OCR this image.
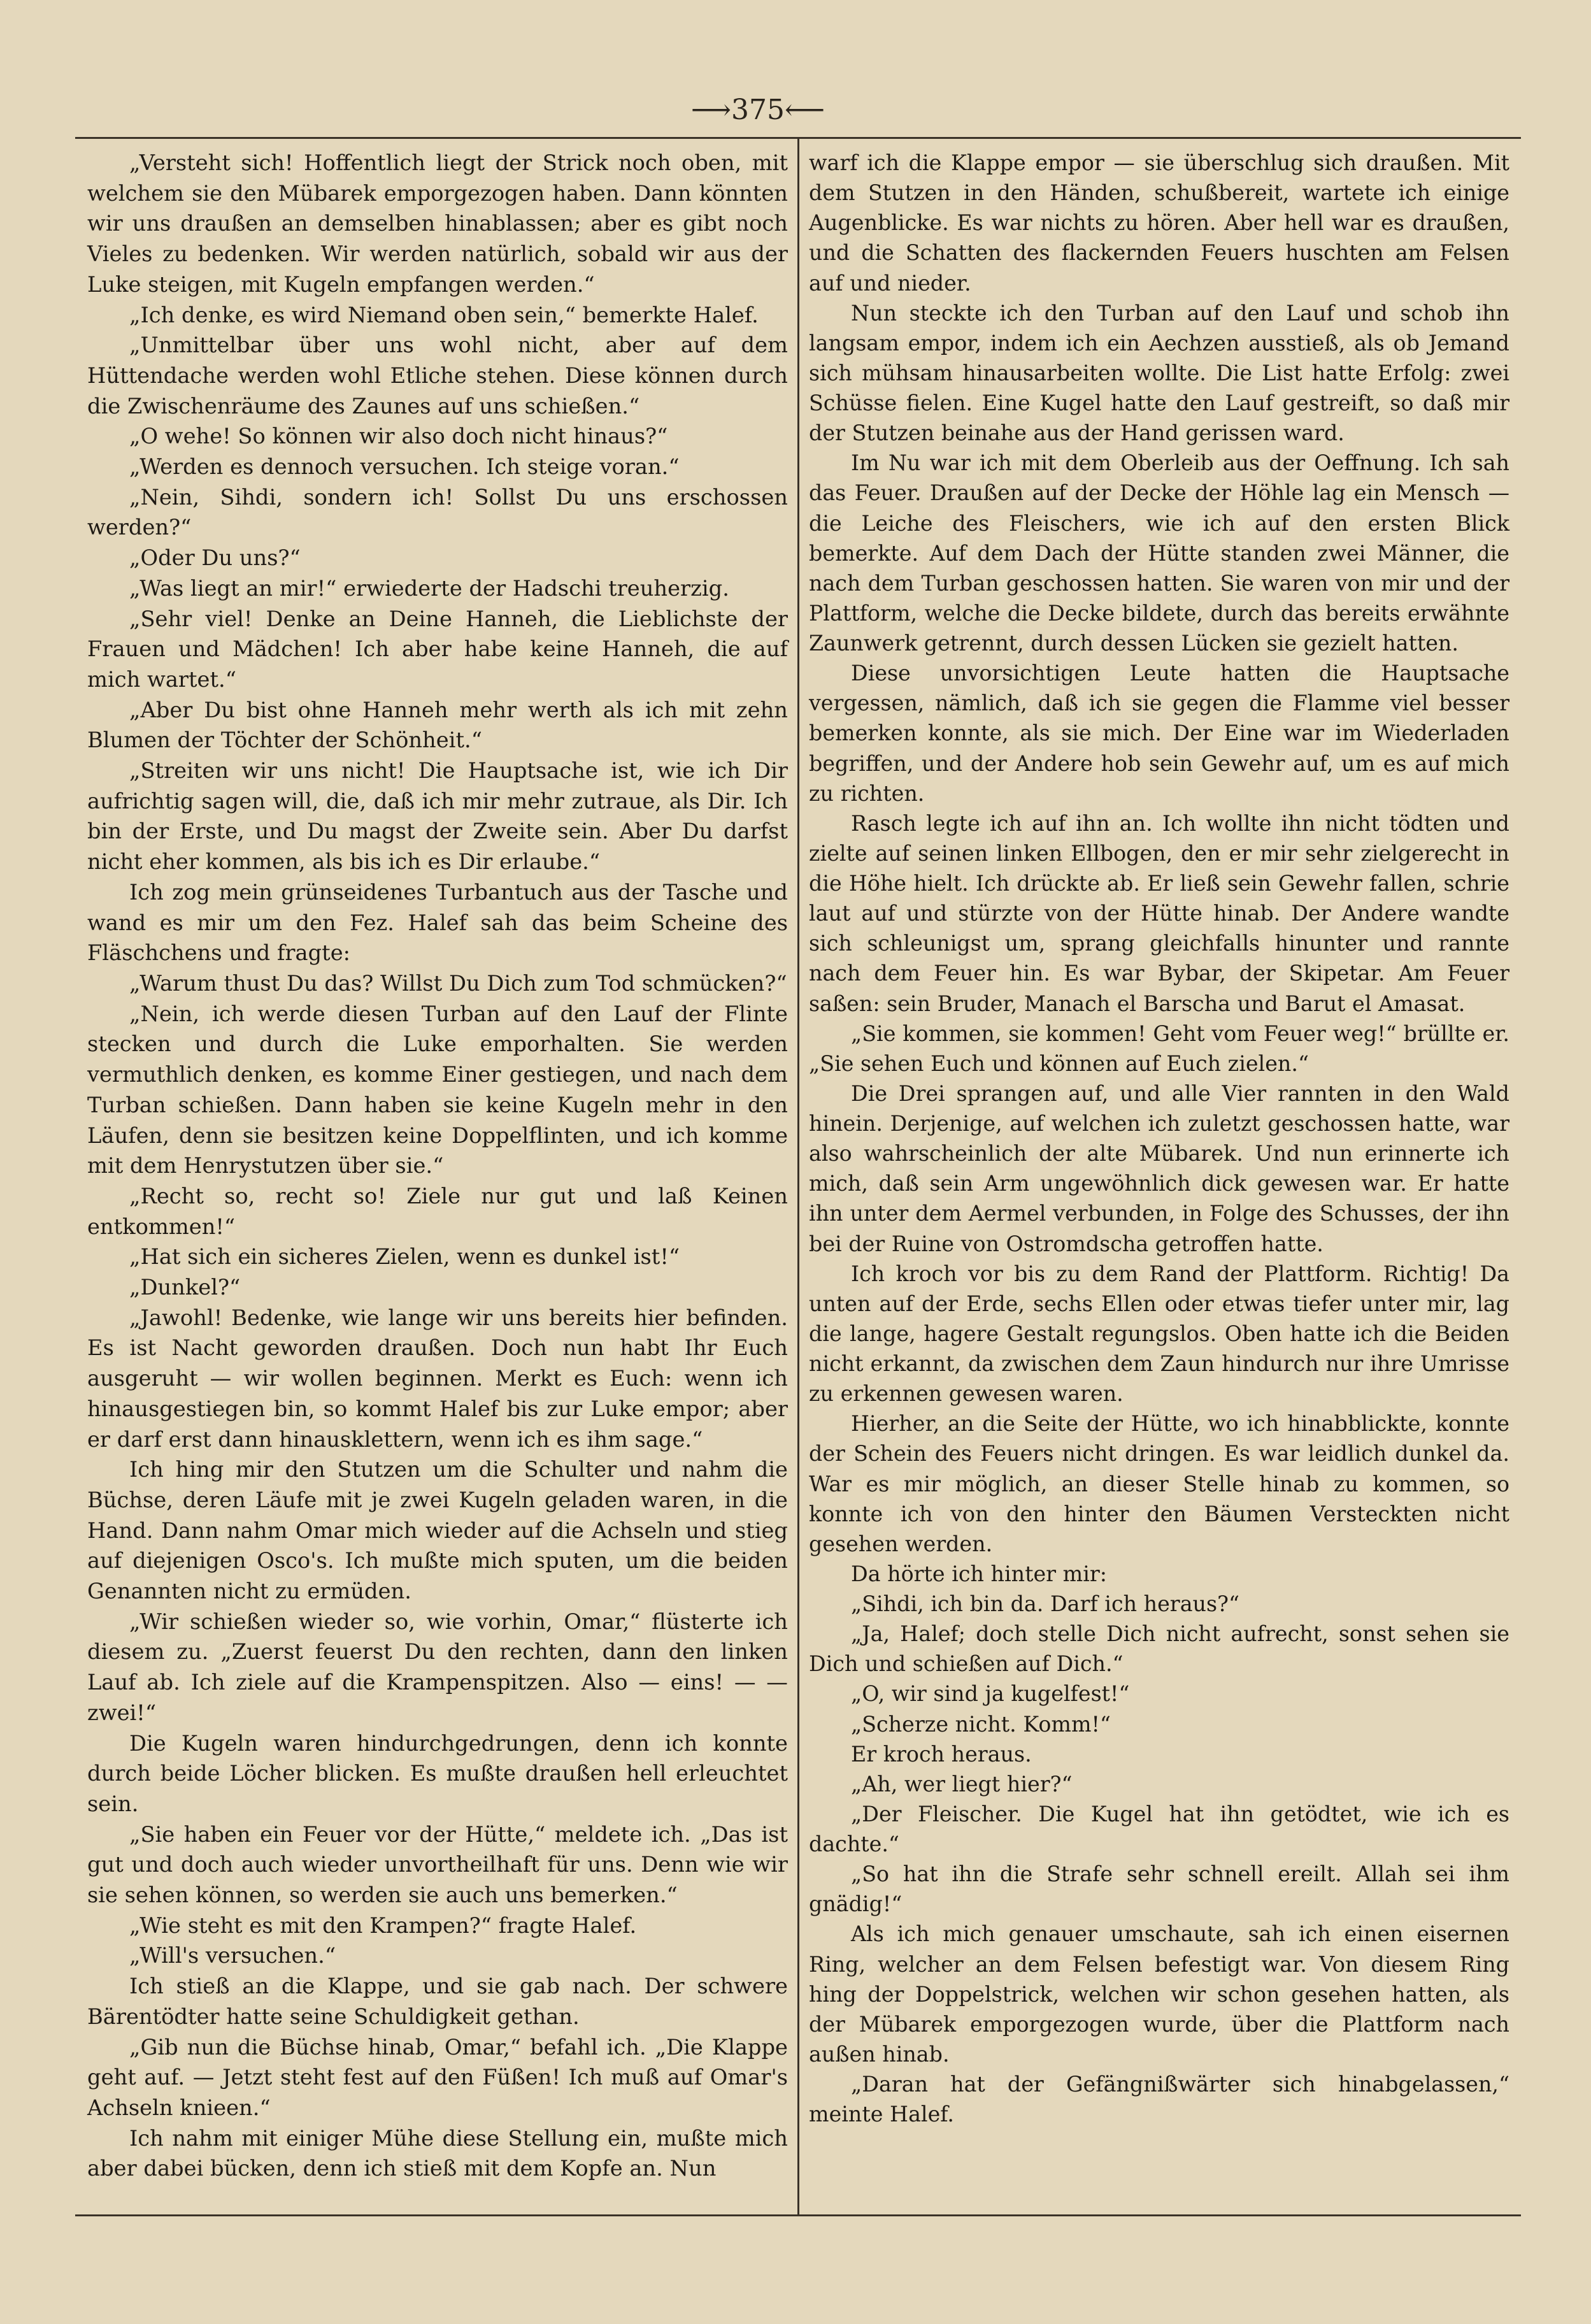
⟶375⟵

„Versteht sich! Hoffentlich liegt der Strick noch oben, mit welchem sie den Mübarek emporgezogen haben. Dann könnten wir uns draußen an demselben hinablassen; aber es gibt noch Vieles zu bedenken. Wir werden natürlich, sobald wir aus der Luke steigen, mit Kugeln empfangen werden.“

„Ich denke, es wird Niemand oben sein,“ bemerkte Halef.

„Unmittelbar über uns wohl nicht, aber auf dem Hüttendache werden wohl Etliche stehen. Diese können durch die Zwischenräume des Zaunes auf uns schießen.“

„O wehe! So können wir also doch nicht hinaus?“

„Werden es dennoch versuchen. Ich steige voran.“

„Nein, Sihdi, sondern ich! Sollst Du uns erschossen werden?“

„Oder Du uns?“

„Was liegt an mir!“ erwiederte der Hadschi treuherzig.

„Sehr viel! Denke an Deine Hanneh, die Lieblichste der Frauen und Mädchen! Ich aber habe keine Hanneh, die auf mich wartet.“

„Aber Du bist ohne Hanneh mehr werth als ich mit zehn Blumen der Töchter der Schönheit.“

„Streiten wir uns nicht! Die Hauptsache ist, wie ich Dir aufrichtig sagen will, die, daß ich mir mehr zutraue, als Dir. Ich bin der Erste, und Du magst der Zweite sein. Aber Du darfst nicht eher kommen, als bis ich es Dir erlaube.“

Ich zog mein grünseidenes Turbantuch aus der Tasche und wand es mir um den Fez. Halef sah das beim Scheine des Fläschchens und fragte:

„Warum thust Du das? Willst Du Dich zum Tod schmücken?“

„Nein, ich werde diesen Turban auf den Lauf der Flinte stecken und durch die Luke emporhalten. Sie werden vermuthlich denken, es komme Einer gestiegen, und nach dem Turban schießen. Dann haben sie keine Kugeln mehr in den Läufen, denn sie besitzen keine Doppelflinten, und ich komme mit dem Henrystutzen über sie.“

„Recht so, recht so! Ziele nur gut und laß Keinen entkommen!“

„Hat sich ein sicheres Zielen, wenn es dunkel ist!“

„Dunkel?“

„Jawohl! Bedenke, wie lange wir uns bereits hier befinden. Es ist Nacht geworden draußen. Doch nun habt Ihr Euch ausgeruht — wir wollen beginnen. Merkt es Euch: wenn ich hinausgestiegen bin, so kommt Halef bis zur Luke empor; aber er darf erst dann hinausklettern, wenn ich es ihm sage.“

Ich hing mir den Stutzen um die Schulter und nahm die Büchse, deren Läufe mit je zwei Kugeln geladen waren, in die Hand. Dann nahm Omar mich wieder auf die Achseln und stieg auf diejenigen Osco's. Ich mußte mich sputen, um die beiden Genannten nicht zu ermüden.

„Wir schießen wieder so, wie vorhin, Omar,“ flüsterte ich diesem zu. „Zuerst feuerst Du den rechten, dann den linken Lauf ab. Ich ziele auf die Krampenspitzen. Also — eins! — — zwei!“

Die Kugeln waren hindurchgedrungen, denn ich konnte durch beide Löcher blicken. Es mußte draußen hell erleuchtet sein.

„Sie haben ein Feuer vor der Hütte,“ meldete ich. „Das ist gut und doch auch wieder unvortheilhaft für uns. Denn wie wir sie sehen können, so werden sie auch uns bemerken.“

„Wie steht es mit den Krampen?“ fragte Halef.

„Will's versuchen.“

Ich stieß an die Klappe, und sie gab nach. Der schwere Bärentödter hatte seine Schuldigkeit gethan.

„Gib nun die Büchse hinab, Omar,“ befahl ich. „Die Klappe geht auf. — Jetzt steht fest auf den Füßen! Ich muß auf Omar's Achseln knieen.“

Ich nahm mit einiger Mühe diese Stellung ein, mußte mich aber dabei bücken, denn ich stieß mit dem Kopfe an. Nun

warf ich die Klappe empor — sie überschlug sich draußen. Mit dem Stutzen in den Händen, schußbereit, wartete ich einige Augenblicke. Es war nichts zu hören. Aber hell war es draußen, und die Schatten des flackernden Feuers huschten am Felsen auf und nieder.

Nun steckte ich den Turban auf den Lauf und schob ihn langsam empor, indem ich ein Aechzen ausstieß, als ob Jemand sich mühsam hinausarbeiten wollte. Die List hatte Erfolg: zwei Schüsse fielen. Eine Kugel hatte den Lauf gestreift, so daß mir der Stutzen beinahe aus der Hand gerissen ward.

Im Nu war ich mit dem Oberleib aus der Oeffnung. Ich sah das Feuer. Draußen auf der Decke der Höhle lag ein Mensch — die Leiche des Fleischers, wie ich auf den ersten Blick bemerkte. Auf dem Dach der Hütte standen zwei Männer, die nach dem Turban geschossen hatten. Sie waren von mir und der Plattform, welche die Decke bildete, durch das bereits erwähnte Zaunwerk getrennt, durch dessen Lücken sie gezielt hatten.

Diese unvorsichtigen Leute hatten die Hauptsache vergessen, nämlich, daß ich sie gegen die Flamme viel besser bemerken konnte, als sie mich. Der Eine war im Wiederladen begriffen, und der Andere hob sein Gewehr auf, um es auf mich zu richten.

Rasch legte ich auf ihn an. Ich wollte ihn nicht tödten und zielte auf seinen linken Ellbogen, den er mir sehr zielgerecht in die Höhe hielt. Ich drückte ab. Er ließ sein Gewehr fallen, schrie laut auf und stürzte von der Hütte hinab. Der Andere wandte sich schleunigst um, sprang gleichfalls hinunter und rannte nach dem Feuer hin. Es war Bybar, der Skipetar. Am Feuer saßen: sein Bruder, Manach el Barscha und Barut el Amasat.

„Sie kommen, sie kommen! Geht vom Feuer weg!“ brüllte er. „Sie sehen Euch und können auf Euch zielen.“

Die Drei sprangen auf, und alle Vier rannten in den Wald hinein. Derjenige, auf welchen ich zuletzt geschossen hatte, war also wahrscheinlich der alte Mübarek. Und nun erinnerte ich mich, daß sein Arm ungewöhnlich dick gewesen war. Er hatte ihn unter dem Aermel verbunden, in Folge des Schusses, der ihn bei der Ruine von Ostromdscha getroffen hatte.

Ich kroch vor bis zu dem Rand der Plattform. Richtig! Da unten auf der Erde, sechs Ellen oder etwas tiefer unter mir, lag die lange, hagere Gestalt regungslos. Oben hatte ich die Beiden nicht erkannt, da zwischen dem Zaun hindurch nur ihre Umrisse zu erkennen gewesen waren.

Hierher, an die Seite der Hütte, wo ich hinabblickte, konnte der Schein des Feuers nicht dringen. Es war leidlich dunkel da. War es mir möglich, an dieser Stelle hinab zu kommen, so konnte ich von den hinter den Bäumen Versteckten nicht gesehen werden.

Da hörte ich hinter mir:

„Sihdi, ich bin da. Darf ich heraus?“

„Ja, Halef; doch stelle Dich nicht aufrecht, sonst sehen sie Dich und schießen auf Dich.“

„O, wir sind ja kugelfest!“

„Scherze nicht. Komm!“

Er kroch heraus.

„Ah, wer liegt hier?“

„Der Fleischer. Die Kugel hat ihn getödtet, wie ich es dachte.“

„So hat ihn die Strafe sehr schnell ereilt. Allah sei ihm gnädig!“

Als ich mich genauer umschaute, sah ich einen eisernen Ring, welcher an dem Felsen befestigt war. Von diesem Ring hing der Doppelstrick, welchen wir schon gesehen hatten, als der Mübarek emporgezogen wurde, über die Plattform nach außen hinab.

„Daran hat der Gefängnißwärter sich hinabgelassen,“ meinte Halef.
